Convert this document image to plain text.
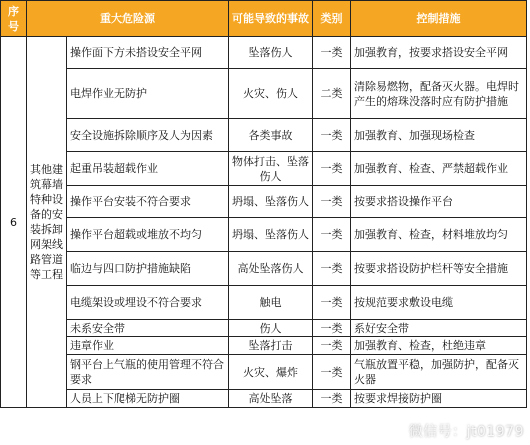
序号	重大危险源		可能导致的事故	类别	控制措施
6	其他建筑幕墙特种设备的安装拆卸网架线路管道等工程	操作面下方未搭设安全平网	坠落伤人	一类	加强教育，按要求搭设安全平网
		电焊作业无防护	火灾、伤人	二类	清除易燃物，配备灭火器。电焊时产生的熔珠没落时应有防护措施
		安全设施拆除顺序及人为因素	各类事故	一类	加强教育、加强现场检查
		起重吊装超载作业	物体打击、坠落伤人	一类	加强教育、检查、严禁超载作业
		操作平台安装不符合要求	坍塌、坠落伤人	一类	按要求搭设操作平台
		操作平台超载或堆放不均匀	坍塌、坠落伤人	一类	加强教育、检查，材料堆放均匀
		临边与四口防护措施缺陷	高处坠落伤人	一类	按要求搭设防护栏杆等安全措施
		电缆架设或埋设不符合要求	触电	一类	按规范要求敷设电缆
		未系安全带	伤人	一类	系好安全带
		违章作业	坠落打击	一类	加强教育、检查，杜绝违章
		钢平台上气瓶的使用管理不符合要求	火灾、爆炸	一类	气瓶放置平稳，加强防护，配备灭火器
		人员上下爬梯无防护圈	高处坠落	一类	按要求焊接防护圈
微信号：jt01979
